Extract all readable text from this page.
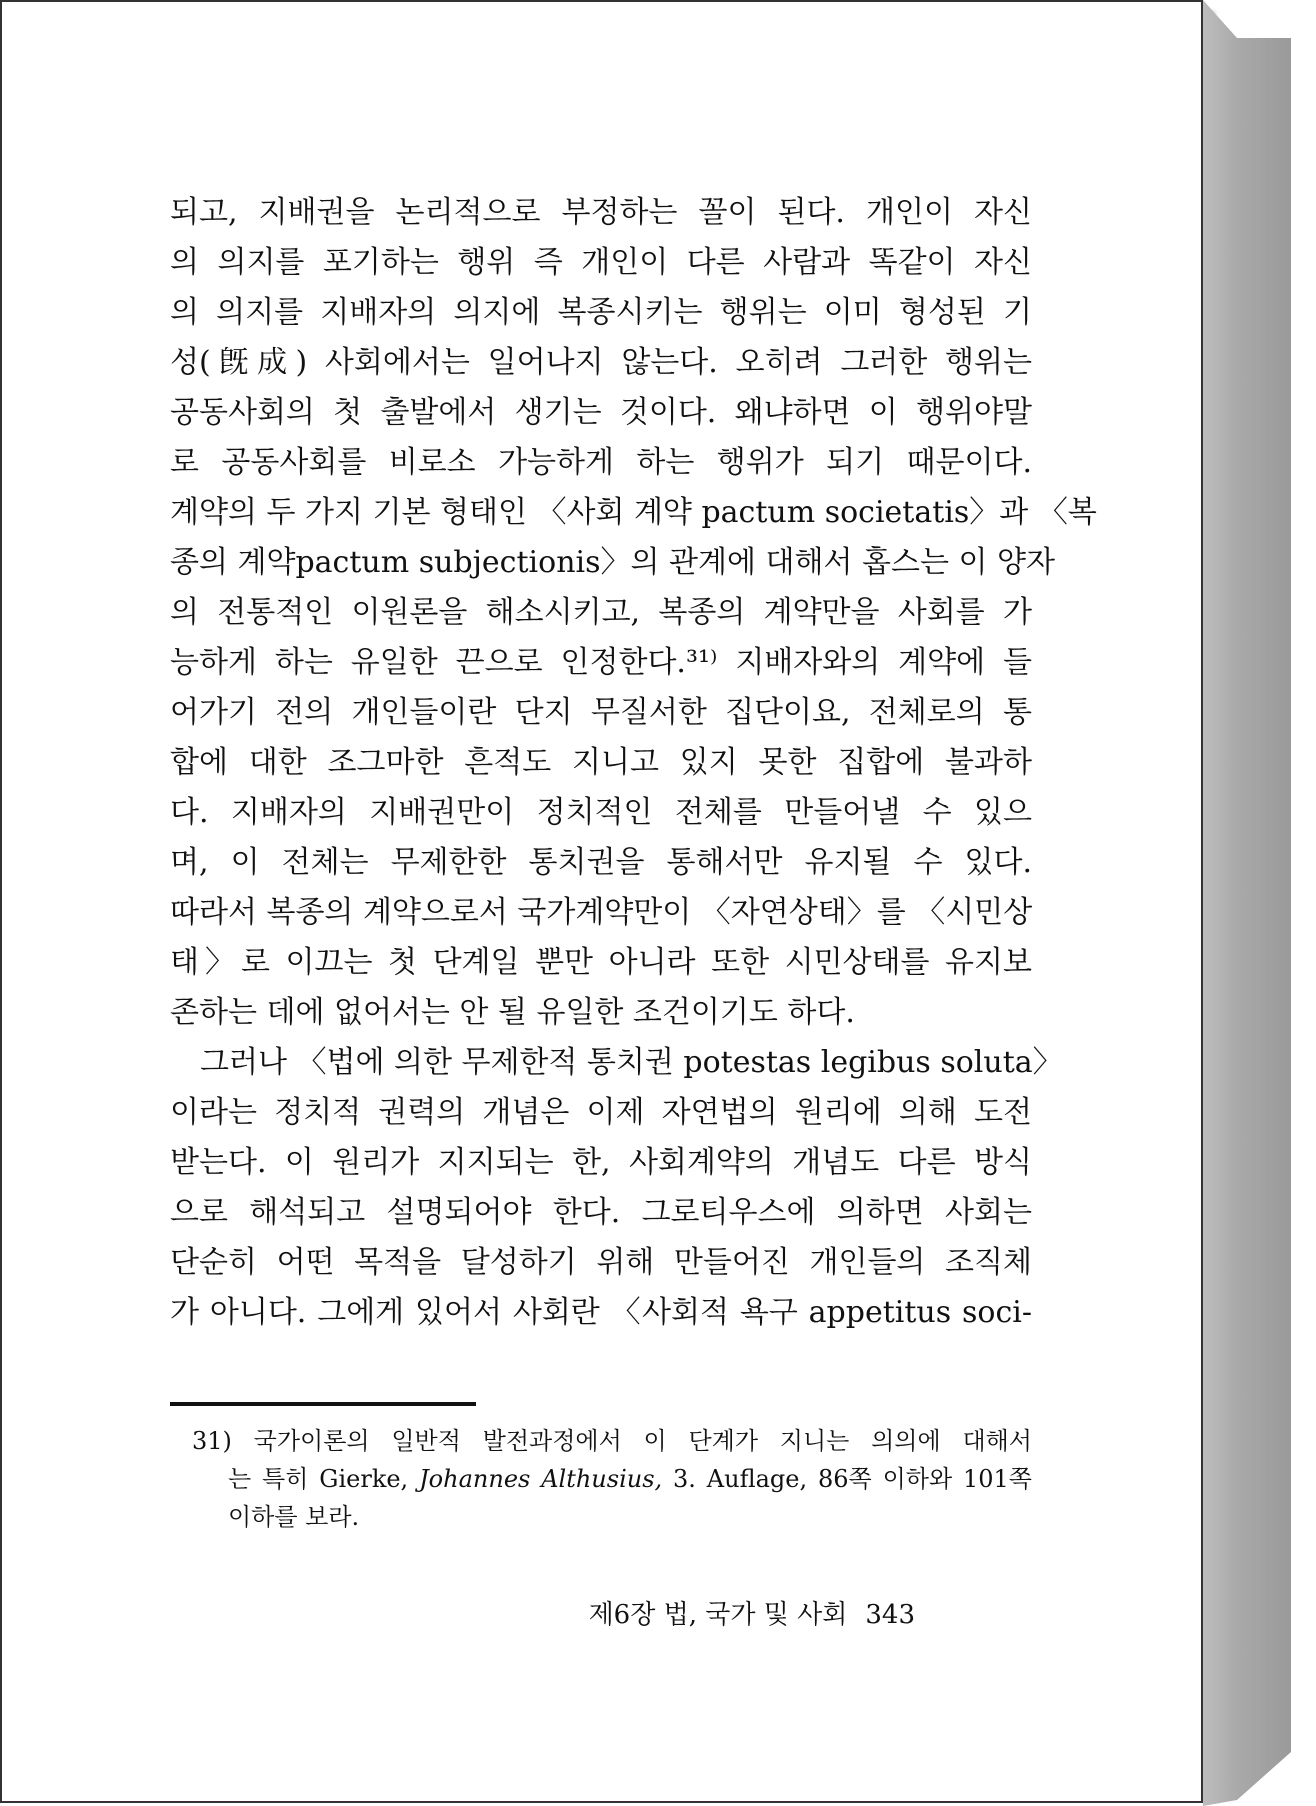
되고, 지배권을 논리적으로 부정하는 꼴이 된다. 개인이 자신
의 의지를 포기하는 행위 즉 개인이 다른 사람과 똑같이 자신
의 의지를 지배자의 의지에 복종시키는 행위는 이미 형성된 기
성(旣成) 사회에서는 일어나지 않는다. 오히려 그러한 행위는
공동사회의 첫 출발에서 생기는 것이다. 왜냐하면 이 행위야말
로 공동사회를 비로소 가능하게 하는 행위가 되기 때문이다.
계약의 두 가지 기본 형태인 〈사회 계약 pactum societatis〉과 〈복
종의 계약pactum subjectionis〉의 관계에 대해서 홉스는 이 양자
의 전통적인 이원론을 해소시키고, 복종의 계약만을 사회를 가
능하게 하는 유일한 끈으로 인정한다.³¹⁾ 지배자와의 계약에 들
어가기 전의 개인들이란 단지 무질서한 집단이요, 전체로의 통
합에 대한 조그마한 흔적도 지니고 있지 못한 집합에 불과하
다. 지배자의 지배권만이 정치적인 전체를 만들어낼 수 있으
며, 이 전체는 무제한한 통치권을 통해서만 유지될 수 있다.
따라서 복종의 계약으로서 국가계약만이 〈자연상태〉를 〈시민상
태〉로 이끄는 첫 단계일 뿐만 아니라 또한 시민상태를 유지보
존하는 데에 없어서는 안 될 유일한 조건이기도 하다.
그러나 〈법에 의한 무제한적 통치권 potestas legibus soluta〉
이라는 정치적 권력의 개념은 이제 자연법의 원리에 의해 도전
받는다. 이 원리가 지지되는 한, 사회계약의 개념도 다른 방식
으로 해석되고 설명되어야 한다. 그로티우스에 의하면 사회는
단순히 어떤 목적을 달성하기 위해 만들어진 개인들의 조직체
가 아니다. 그에게 있어서 사회란 〈사회적 욕구 appetitus soci-
31) 국가이론의 일반적 발전과정에서 이 단계가 지니는 의의에 대해서
는 특히 Gierke, Johannes Althusius, 3. Auflage, 86쪽 이하와 101쪽
이하를 보라.
제6장 법, 국가 및 사회 343
